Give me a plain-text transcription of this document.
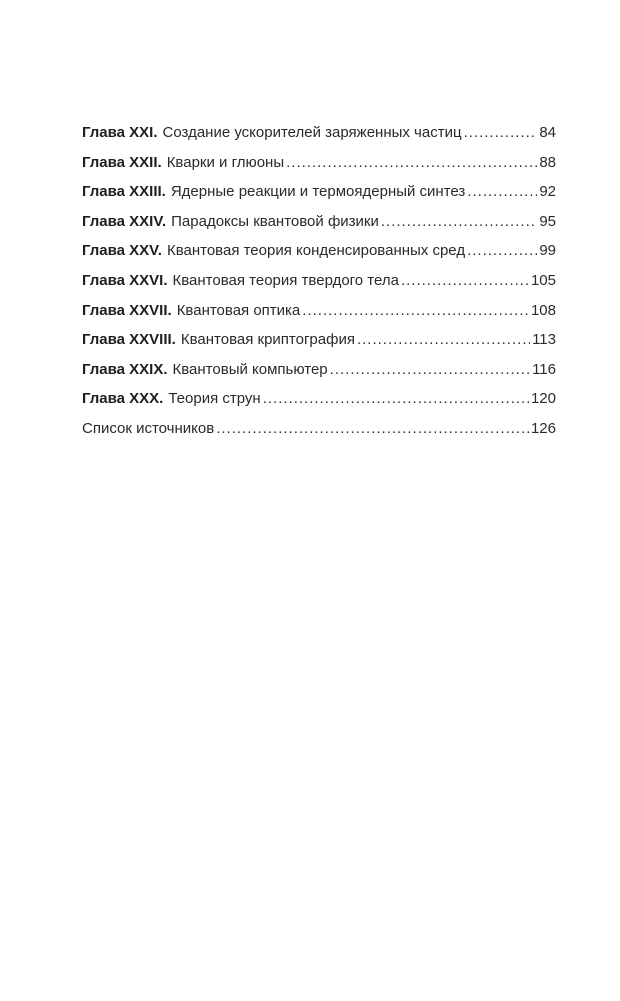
Глава XXI. Создание ускорителей заряженных частиц .....	84
Глава XXII. Кварки и глюоны .....	88
Глава XXIII. Ядерные реакции и термоядерный синтез .....	92
Глава XXIV. Парадоксы квантовой физики .....	95
Глава XXV. Квантовая теория конденсированных сред .....	99
Глава XXVI. Квантовая теория твердого тела .....	105
Глава XXVII. Квантовая оптика .....	108
Глава XXVIII. Квантовая криптография .....	113
Глава XXIX. Квантовый компьютер .....	116
Глава XXX. Теория струн .....	120
Список источников .....	126
